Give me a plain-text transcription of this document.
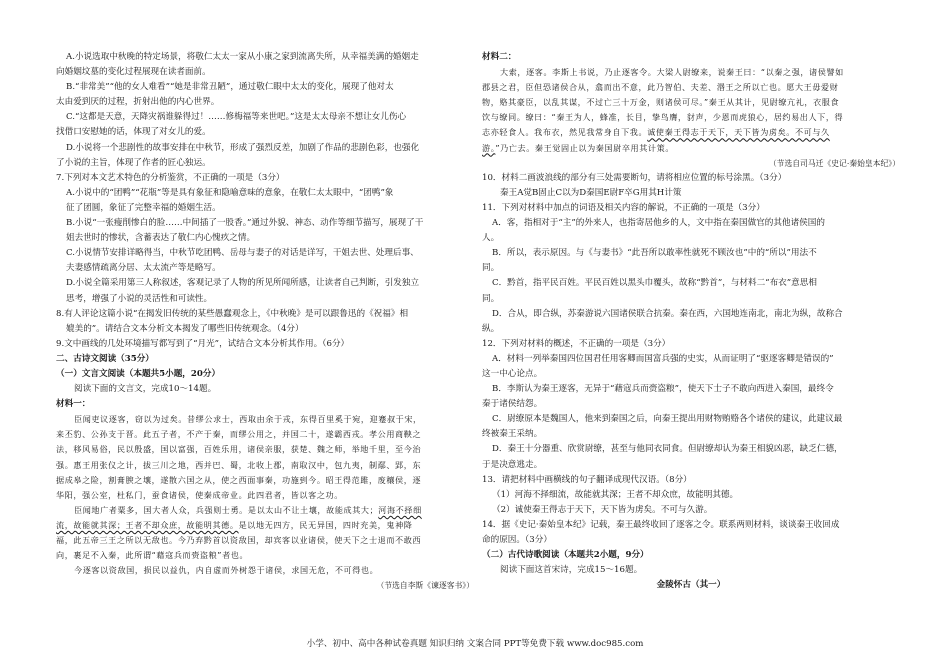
A.小说选取中秋晚的特定场景，将敬仁太太一家从小康之家到流离失所，从幸福美满的婚姻走

向婚姻坟墓的变化过程展现在读者面前。

B.“非常美”“他的女人难看”“她是非常丑陋”，通过敬仁眼中太太的变化，展现了他对太

太由爱到厌的过程，折射出他的内心世界。

C.“这都是天意，天降灾祸谁躲得过！……修梅福等来世吧。”这是太太母亲不想让女儿伤心

找借口安慰她的话，体现了对女儿的爱。

D.小说将一个悲剧性的故事安排在中秋节，形成了强烈反差，加剧了作品的悲剧色彩，也强化

了小说的主旨，体现了作者的匠心独运。

7.下列对本文艺术特色的分析鉴赏，不正确的一项是（3分）

A.小说中的“团鸭”“花瓶”等是具有象征和隐喻意味的意象，在敬仁太太眼中，“团鸭”象

征了团圆，象征了完整幸福的婚姻生活。

B.小说“一张瘦削惨白的脸……中间插了一股香。”通过外貌、神态、动作等细节描写，展现了干

姐去世时的惨状，含蓄表达了敬仁内心愧疚之情。

C.小说情节安排详略得当，中秋节吃团鸭、岳母与妻子的对话是详写，干姐去世、处理后事、

夫妻感情疏离分居、太太流产等是略写。

D.小说全篇采用第三人称叙述，客观记录了人物的所见所闻所感，让读者自己判断，引发独立

思考，增强了小说的灵活性和可读性。

8.有人评论这篇小说“在揭发旧传统的某些愚蠢观念上，《中秋晚》是可以跟鲁迅的《祝福》相

媲美的”。请结合文本分析文本揭发了哪些旧传统观念。（4分）

9.文中画线的几处环境描写都写到了“月光”，试结合文本分析其作用。（6分）

二、古诗文阅读（35分）

（一）文言文阅读（本题共5小题，20分）

阅读下面的文言文，完成10～14题。

材料一：

臣闻吏议逐客，窃以为过矣。昔缪公求士，西取由余于戎，东得百里奚于宛，迎蹇叔于宋，

来丕豹、公孙支于晋。此五子者，不产于秦，而缪公用之，并国二十，遂霸西戎。孝公用商鞅之

法，移风易俗，民以殷盛，国以富强，百姓乐用，诸侯亲服，获楚、魏之师，举地千里，至今治

强。惠王用张仪之计，拔三川之地，西并巴、蜀，北收上郡，南取汉中，包九夷，制鄢、郢，东

据成皋之险，割膏腴之壤，遂散六国之从，使之西面事秦，功施到今。昭王得范雎，废穰侯，逐

华阳，强公室，杜私门，蚕食诸侯，使秦成帝业。此四君者，皆以客之功。

臣闻地广者粟多，国大者人众，兵强则士勇。是以太山不让土壤，故能成其大；河海不择细

流，故能就其深；王者不却众庶，故能明其德。是以地无四方，民无异国，四时充美，鬼神降

福，此五帝三王之所以无敌也。今乃弃黔首以资敌国，却宾客以业诸侯，使天下之士退而不敢西

向，裹足不入秦，此所谓“藉寇兵而赍盗粮”者也。

今逐客以资敌国，损民以益仇，内自虚而外树怨于诸侯，求国无危，不可得也。

（节选自李斯《谏逐客书》）

材料二：

大索，逐客。李斯上书说，乃止逐客令。大梁人尉缭来，说秦王曰：“以秦之强，诸侯譬如

郡县之君，臣但恐诸侯合从，翕而出不意，此乃智伯、夫差、湣王之所以亡也。愿大王毋爱财

物，赂其豪臣，以乱其谋，不过亡三十万金，则诸侯可尽。”秦王从其计，见尉缭亢礼，衣服食

饮与缭同。缭曰：“秦王为人，蜂准，长目，挚鸟膺，豺声，少恩而虎狼心，居约易出人下，得

志亦轻食人。我布衣，然见我常身自下我。诚使秦王得志于天下，天下皆为虏矣。不可与久

游。”乃亡去。秦王觉固止以为秦国尉卒用其计策。

（节选自司马迁《史记·秦始皇本纪》）

10．材料二画波浪线的部分有三处需要断句，请将相应位置的标号涂黑。（3分）

秦王A觉B固止C以为D秦国E尉F卒G用其H计策

11．下列对材料中加点的词语及相关内容的解说，不正确的一项是（3分）

A．客，指相对于“主”的外来人，也指寄居他乡的人，文中指在秦国做官的其他诸侯国的

人。

B．所以，表示原因。与《与妻书》“此吾所以敢率性就死不顾汝也”中的“所以”用法不

同。

C．黔首，指平民百姓。平民百姓以黑头巾覆头，故称“黔首”，与材料二“布衣”意思相

同。

D．合从，即合纵，苏秦游说六国诸侯联合抗秦。秦在西，六国地连南北，南北为纵，故称合

纵。

12．下列对材料的概述，不正确的一项是（3分）

A．材料一列举秦国四位国君任用客卿而国富兵强的史实，从而证明了“驱逐客卿是错误的”

这一中心论点。

B．李斯认为秦王逐客，无异于“藉寇兵而赍盗粮”，使天下士子不敢向西进入秦国，最终令

秦于诸侯结怨。

C．尉缭原本是魏国人，他来到秦国之后，向秦王提出用财物贿赂各个诸侯的建议，此建议最

终被秦王采纳。

D．秦王十分器重、欣赏尉缭，甚至与他同衣同食。但尉缭却认为秦王相貌凶恶，缺乏仁德，

于是决意逃走。

13．请把材料中画横线的句子翻译成现代汉语。（8分）

（1）河海不择细流，故能就其深；王者不却众庶，故能明其德。

（2）诚使秦王得志于天下，天下皆为虏矣。不可与久游。

14．据《史记·秦始皇本纪》记载，秦王最终收回了逐客之令。联系两则材料，谈谈秦王收回成

命的原因。（3分）

（二）古代诗歌阅读（本题共2小题，9分）

阅读下面这首宋诗，完成15～16题。

金陵怀古（其一）

小学、初中、高中各种试卷真题 知识归纳 文案合同 PPT等免费下载 www.doc985.com
